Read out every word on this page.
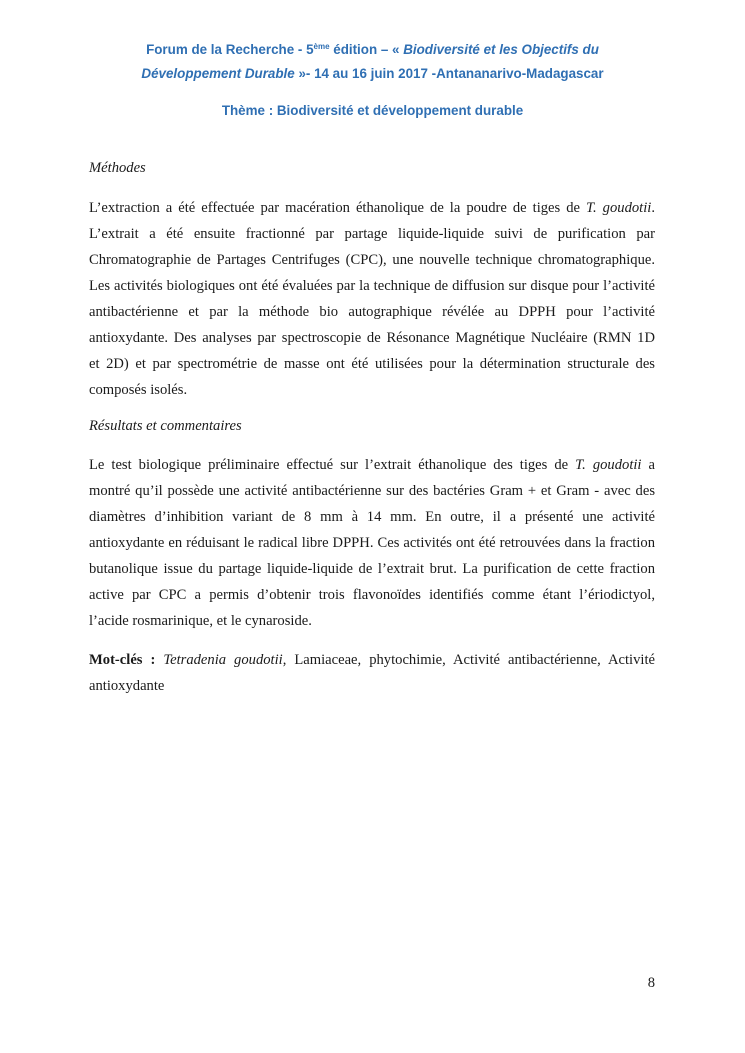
Forum de la Recherche - 5ème édition – « Biodiversité et les Objectifs du
Développement Durable »- 14 au 16 juin 2017 -Antananarivo-Madagascar
Thème : Biodiversité et développement durable
Méthodes
L’extraction a été effectuée par macération éthanolique de la poudre de tiges de T. goudotii.
L’extrait a été ensuite fractionné par partage liquide-liquide suivi de purification par
Chromatographie de Partages Centrifuges (CPC), une nouvelle technique chromatographique.
Les activités biologiques ont été évaluées par la technique de diffusion sur disque pour l’activité
antibactérienne et par la méthode bio autographique révélée au DPPH pour l’activité
antioxydante. Des analyses par spectroscopie de Résonance Magnétique Nucléaire (RMN 1D
et 2D) et par spectrométrie de masse ont été utilisées pour la détermination structurale des
composés isolés.
Résultats et commentaires
Le test biologique préliminaire effectué sur l’extrait éthanolique des tiges de T. goudotii a
montré qu’il possède une activité antibactérienne sur des bactéries Gram + et Gram - avec des
diamètres d’inhibition variant de 8 mm à 14 mm. En outre, il a présenté une activité
antioxydante en réduisant le radical libre DPPH. Ces activités ont été retrouvées dans la fraction
butanolique issue du partage liquide-liquide de l’extrait brut. La purification de cette fraction
active par CPC a permis d’obtenir trois flavonoïdes identifiés comme étant l’ériodictyol,
l’acide rosmarinique, et le cynaroside.
Mot-clés : Tetradenia goudotii, Lamiaceae, phytochimie, Activité antibactérienne, Activité
antioxydante
8
